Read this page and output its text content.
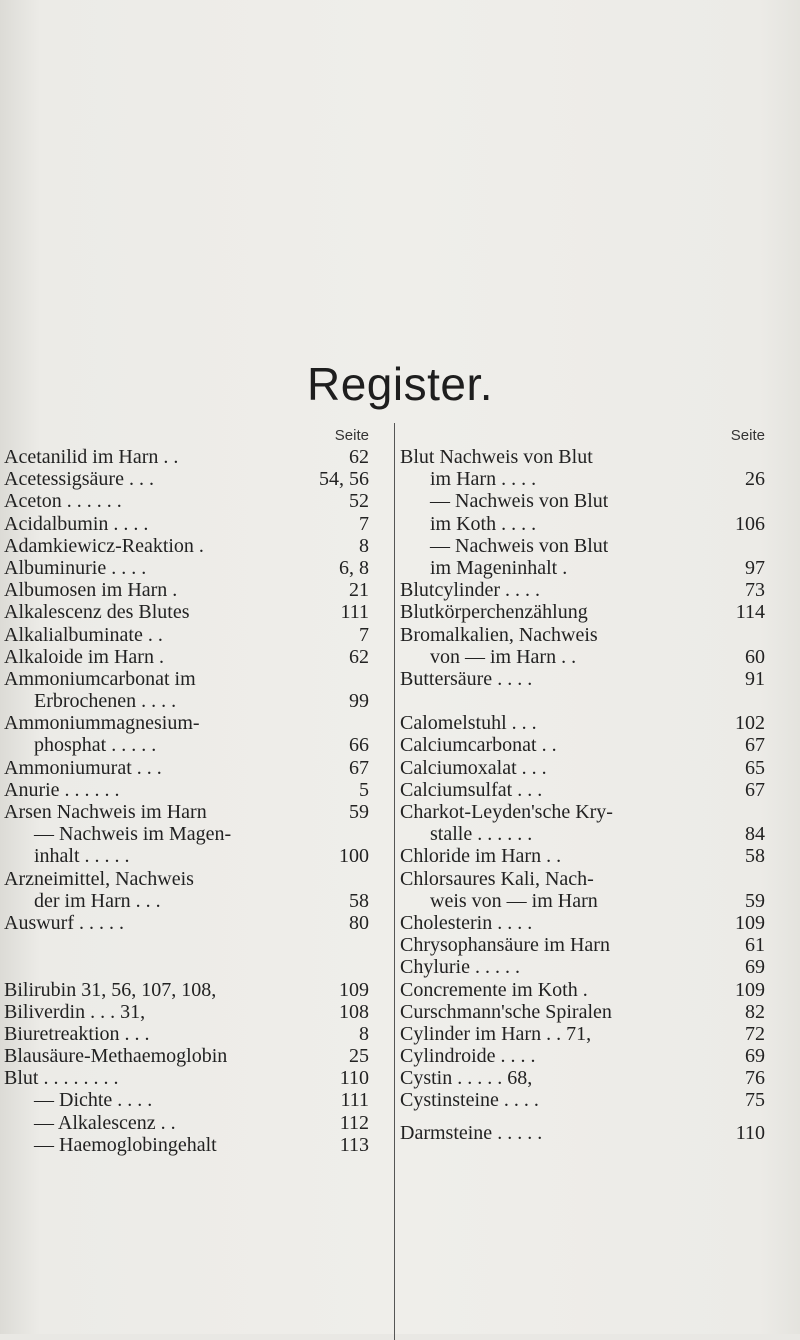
Register.
Seite
Acetanilid im Harn . .	62
Acetessigsäure . . .	54, 56
Aceton . . . . . .	52
Acidalbumin . . . .	7
Adamkiewicz-Reaktion .	8
Albuminurie . . . .	6, 8
Albumosen im Harn .	21
Alkalescenz des Blutes	111
Alkalialbuminate . .	7
Alkaloide im Harn .	62
Ammoniumcarbonat im
Erbrochenen . . . .	99
Ammoniummagnesium-
phosphat . . . . .	66
Ammoniumurat . . .	67
Anurie . . . . . .	5
Arsen Nachweis im Harn	59
— Nachweis im Magen-
inhalt . . . . .	100
Arzneimittel, Nachweis
der im Harn . . .	58
Auswurf . . . . .	80
Bilirubin 31, 56, 107, 108,	109
Biliverdin . . . 31,	108
Biuretreaktion . . .	8
Blausäure-Methaemoglobin	25
Blut . . . . . . . .	110
— Dichte . . . .	111
— Alkalescenz . .	112
— Haemoglobingehalt	113
Seite
Blut Nachweis von Blut
im Harn . . . .	26
— Nachweis von Blut
im Koth . . . .	106
— Nachweis von Blut
im Mageninhalt .	97
Blutcylinder . . . .	73
Blutkörperchenzählung	114
Bromalkalien, Nachweis
von — im Harn . .	60
Buttersäure . . . .	91
Calomelstuhl . . .	102
Calciumcarbonat . .	67
Calciumoxalat . . .	65
Calciumsulfat . . .	67
Charkot-Leyden'sche Kry-
stalle . . . . . .	84
Chloride im Harn . .	58
Chlorsaures Kali, Nach-
weis von — im Harn	59
Cholesterin . . . .	109
Chrysophansäure im Harn	61
Chylurie . . . . .	69
Concremente im Koth .	109
Curschmann'sche Spiralen	82
Cylinder im Harn . . 71,	72
Cylindroide . . . .	69
Cystin . . . . . 68,	76
Cystinsteine . . . .	75
Darmsteine . . . . .	110
